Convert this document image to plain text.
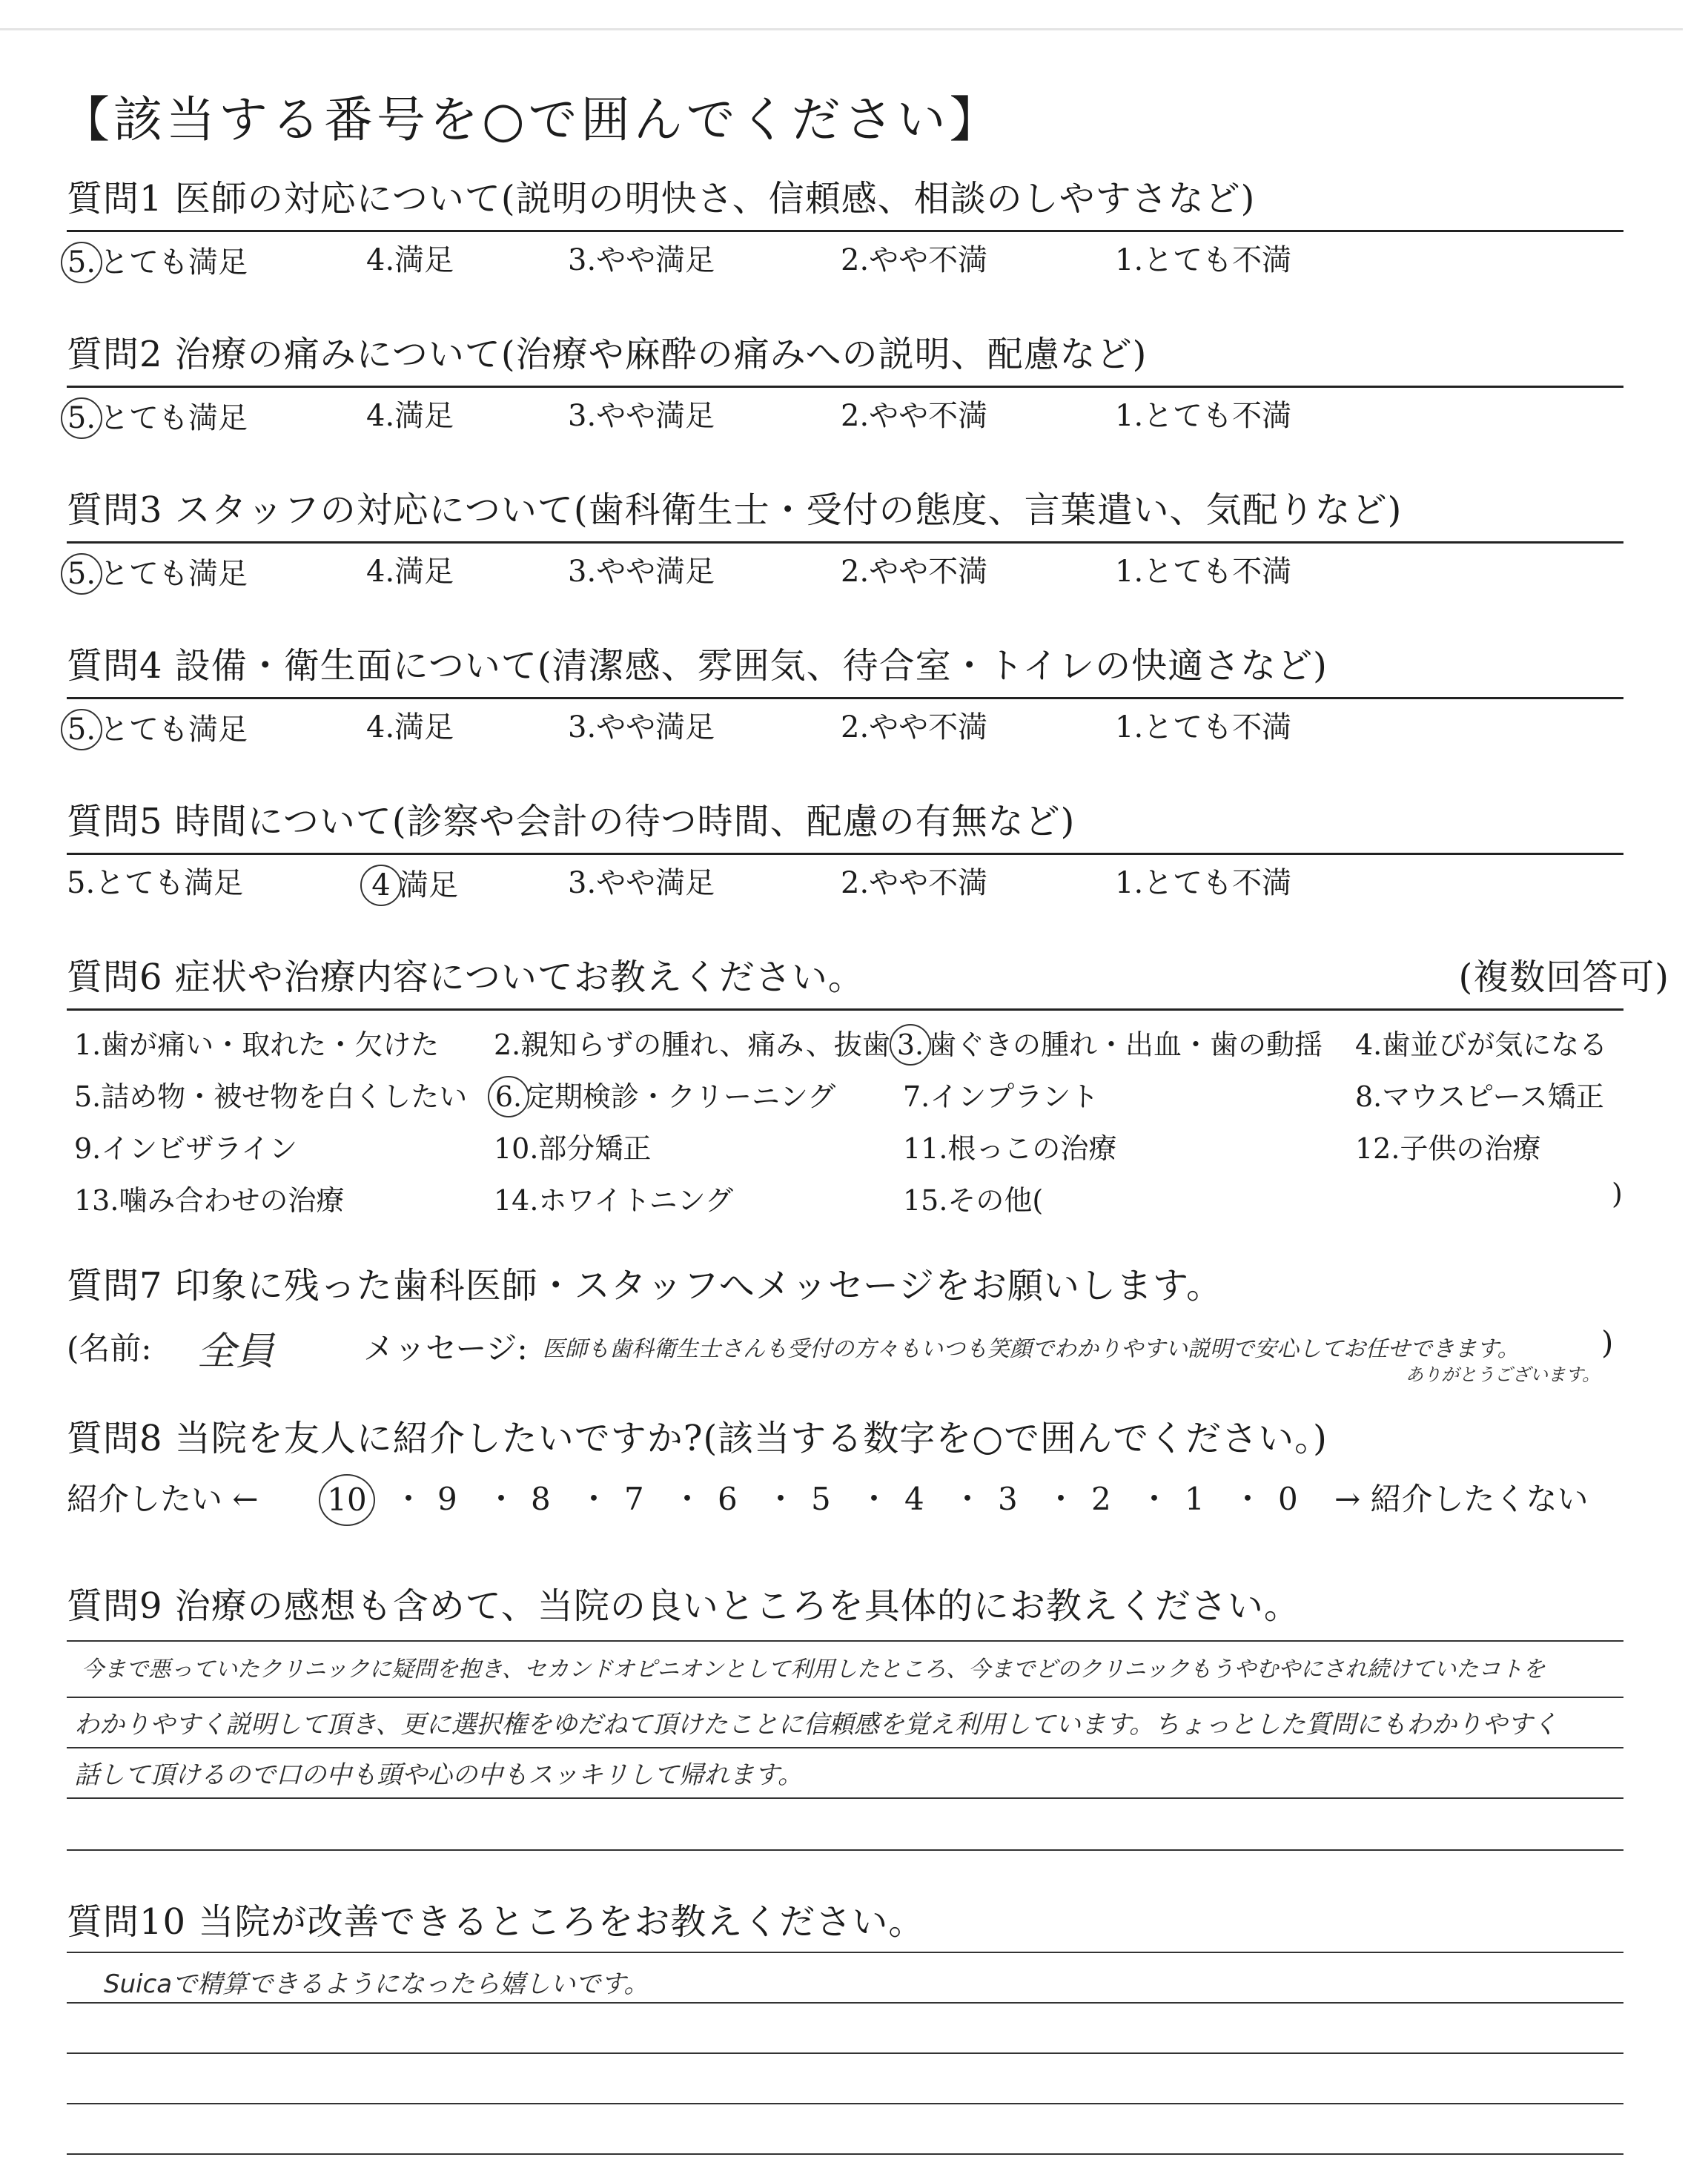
【該当する番号を○で囲んでください】
質問1 医師の対応について(説明の明快さ、信頼感、相談のしやすさなど)
5. とても満足	4.満足	3.やや満足	2.やや不満	1.とても不満
質問2 治療の痛みについて(治療や麻酔の痛みへの説明、配慮など)
5. とても満足	4.満足	3.やや満足	2.やや不満	1.とても不満
質問3 スタッフの対応について(歯科衛生士・受付の態度、言葉遣い、気配りなど)
5. とても満足	4.満足	3.やや満足	2.やや不満	1.とても不満
質問4 設備・衛生面について(清潔感、雰囲気、待合室・トイレの快適さなど)
5. とても満足	4.満足	3.やや満足	2.やや不満	1.とても不満
質問5 時間について(診察や会計の待つ時間、配慮の有無など)
5.とても満足	4 満足	3.やや満足	2.やや不満	1.とても不満
質問6 症状や治療内容についてお教えください。	(複数回答可)
1.歯が痛い・取れた・欠けた 2.親知らずの腫れ、痛み、抜歯 3. 歯ぐきの腫れ・出血・歯の動揺 4.歯並びが気になる
5.詰め物・被せ物を白くしたい 6. 定期検診・クリーニング 7.インプラント	8.マウスピース矯正
9.インビザライン	10.部分矯正	11.根っこの治療	12.子供の治療
13.噛み合わせの治療	14.ホワイトニング	15.その他(	)
質問7 印象に残った歯科医師・スタッフへメッセージをお願いします。
(名前: 全員	メッセージ: 医師も歯科衛生士さんも受付の方々もいつも笑顔でわかりやすい説明で安心してお任せできます。
ありがとうございます。
)
質問8 当院を友人に紹介したいですか?(該当する数字を○で囲んでください。)
紹介したい ← 10 ・ 9 ・ 8 ・ 7 ・ 6 ・ 5 ・ 4 ・ 3 ・ 2 ・ 1 ・ 0 → 紹介したくない
質問9 治療の感想も含めて、当院の良いところを具体的にお教えください。
今まで悪っていたクリニックに疑問を抱き、セカンドオピニオンとして利用したところ、今までどのクリニックもうやむやにされ続けていたコトを
わかりやすく説明して頂き、更に選択権をゆだねて頂けたことに信頼感を覚え利用しています。ちょっとした質問にもわかりやすく
話して頂けるので口の中も頭や心の中もスッキリして帰れます。
質問10 当院が改善できるところをお教えください。
Suicaで精算できるようになったら嬉しいです。
